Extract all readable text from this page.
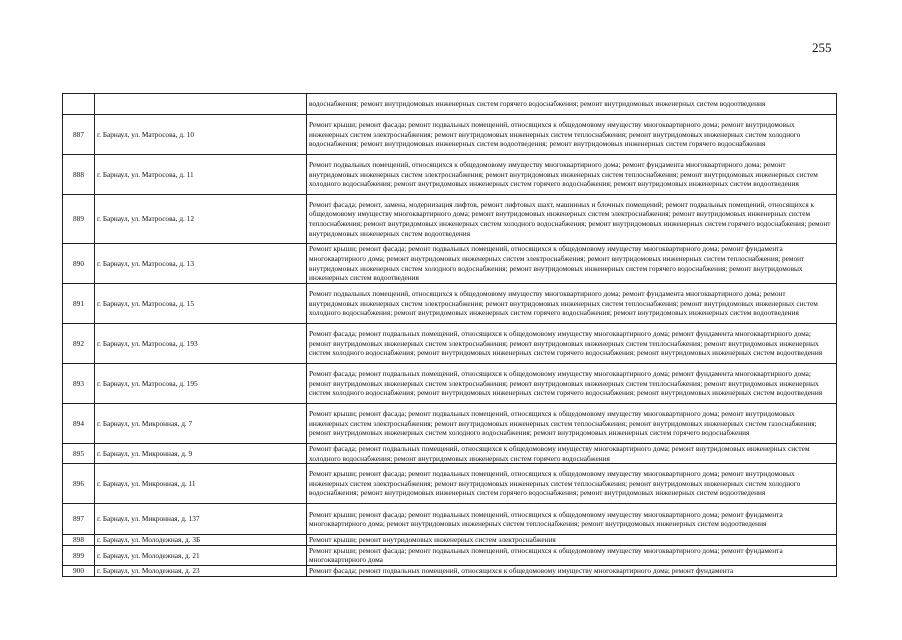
255
		водоснабжения; ремонт внутридомовых инженерных систем горячего водоснабжения; ремонт внутридомовых инженерных систем водоотведения
887	г. Барнаул, ул. Матросова, д. 10	Ремонт крыши; ремонт фасада; ремонт подвальных помещений, относящихся к общедомовому имуществу многоквартирного дома; ремонт внутридомовых инженерных систем электроснабжения; ремонт внутридомовых инженерных систем теплоснабжения; ремонт внутридомовых инженерных систем холодного водоснабжения; ремонт внутридомовых инженерных систем водоотведения; ремонт внутридомовых инженерных систем горячего водоснабжения
888	г. Барнаул, ул. Матросова, д. 11	Ремонт подвальных помещений, относящихся к общедомовому имуществу многоквартирного дома; ремонт фундамента многоквартирного дома; ремонт внутридомовых инженерных систем электроснабжения; ремонт внутридомовых инженерных систем теплоснабжения; ремонт внутридомовых инженерных систем холодного водоснабжения; ремонт внутридомовых инженерных систем горячего водоснабжения; ремонт внутридомовых инженерных систем водоотведения
889	г. Барнаул, ул. Матросова, д. 12	Ремонт фасада; ремонт, замена, модернизация лифтов, ремонт лифтовых шахт, машинных и блочных помещений; ремонт подвальных помещений, относящихся к общедомовому имуществу многоквартирного дома; ремонт внутридомовых инженерных систем электроснабжения; ремонт внутридомовых инженерных систем теплоснабжения; ремонт внутридомовых инженерных систем холодного водоснабжения; ремонт внутридомовых инженерных систем горячего водоснабжения; ремонт внутридомовых инженерных систем водоотведения
890	г. Барнаул, ул. Матросова, д. 13	Ремонт крыши; ремонт фасада; ремонт подвальных помещений, относящихся к общедомовому имуществу многоквартирного дома; ремонт фундамента многоквартирного дома; ремонт внутридомовых инженерных систем электроснабжения; ремонт внутридомовых инженерных систем теплоснабжения; ремонт внутридомовых инженерных систем холодного водоснабжения; ремонт внутридомовых инженерных систем горячего водоснабжения; ремонт внутридомовых инженерных систем водоотведения
891	г. Барнаул, ул. Матросова, д. 15	Ремонт подвальных помещений, относящихся к общедомовому имуществу многоквартирного дома; ремонт фундамента многоквартирного дома; ремонт внутридомовых инженерных систем электроснабжения; ремонт внутридомовых инженерных систем теплоснабжения; ремонт внутридомовых инженерных систем холодного водоснабжения; ремонт внутридомовых инженерных систем горячего водоснабжения; ремонт внутридомовых инженерных систем водоотведения
892	г. Барнаул, ул. Матросова, д. 193	Ремонт фасада; ремонт подвальных помещений, относящихся к общедомовому имуществу многоквартирного дома; ремонт фундамента многоквартирного дома; ремонт внутридомовых инженерных систем электроснабжения; ремонт внутридомовых инженерных систем теплоснабжения; ремонт внутридомовых инженерных систем холодного водоснабжения; ремонт внутридомовых инженерных систем горячего водоснабжения; ремонт внутридомовых инженерных систем водоотведения
893	г. Барнаул, ул. Матросова, д. 195	Ремонт фасада; ремонт подвальных помещений, относящихся к общедомовому имуществу многоквартирного дома; ремонт фундамента многоквартирного дома; ремонт внутридомовых инженерных систем электроснабжения; ремонт внутридомовых инженерных систем теплоснабжения; ремонт внутридомовых инженерных систем холодного водоснабжения; ремонт внутридомовых инженерных систем горячего водоснабжения; ремонт внутридомовых инженерных систем водоотведения
894	г. Барнаул, ул. Микронная, д. 7	Ремонт крыши; ремонт фасада; ремонт подвальных помещений, относящихся к общедомовому имуществу многоквартирного дома; ремонт внутридомовых инженерных систем электроснабжения; ремонт внутридомовых инженерных систем теплоснабжения; ремонт внутридомовых инженерных систем газоснабжения; ремонт внутридомовых инженерных систем холодного водоснабжения; ремонт внутридомовых инженерных систем горячего водоснабжения
895	г. Барнаул, ул. Микронная, д. 9	Ремонт фасада; ремонт подвальных помещений, относящихся к общедомовому имуществу многоквартирного дома; ремонт внутридомовых инженерных систем холодного водоснабжения; ремонт внутридомовых инженерных систем горячего водоснабжения
896	г. Барнаул, ул. Микронная, д. 11	Ремонт крыши; ремонт фасада; ремонт подвальных помещений, относящихся к общедомовому имуществу многоквартирного дома; ремонт внутридомовых инженерных систем электроснабжения; ремонт внутридомовых инженерных систем теплоснабжения; ремонт внутридомовых инженерных систем холодного водоснабжения; ремонт внутридомовых инженерных систем горячего водоснабжения; ремонт внутридомовых инженерных систем водоотведения
897	г. Барнаул, ул. Микронная, д. 137	Ремонт крыши; ремонт фасада; ремонт подвальных помещений, относящихся к общедомовому имуществу многоквартирного дома; ремонт фундамента многоквартирного дома; ремонт внутридомовых инженерных систем теплоснабжения; ремонт внутридомовых инженерных систем водоотведения
898	г. Барнаул, ул. Молодежная, д. 3Б	Ремонт крыши; ремонт внутридомовых инженерных систем электроснабжения
899	г. Барнаул, ул. Молодежная, д. 21	Ремонт крыши; ремонт фасада; ремонт подвальных помещений, относящихся к общедомовому имуществу многоквартирного дома; ремонт фундамента многоквартирного дома
900	г. Барнаул, ул. Молодежная, д. 23	Ремонт фасада; ремонт подвальных помещений, относящихся к общедомовому имуществу многоквартирного дома; ремонт фундамента
